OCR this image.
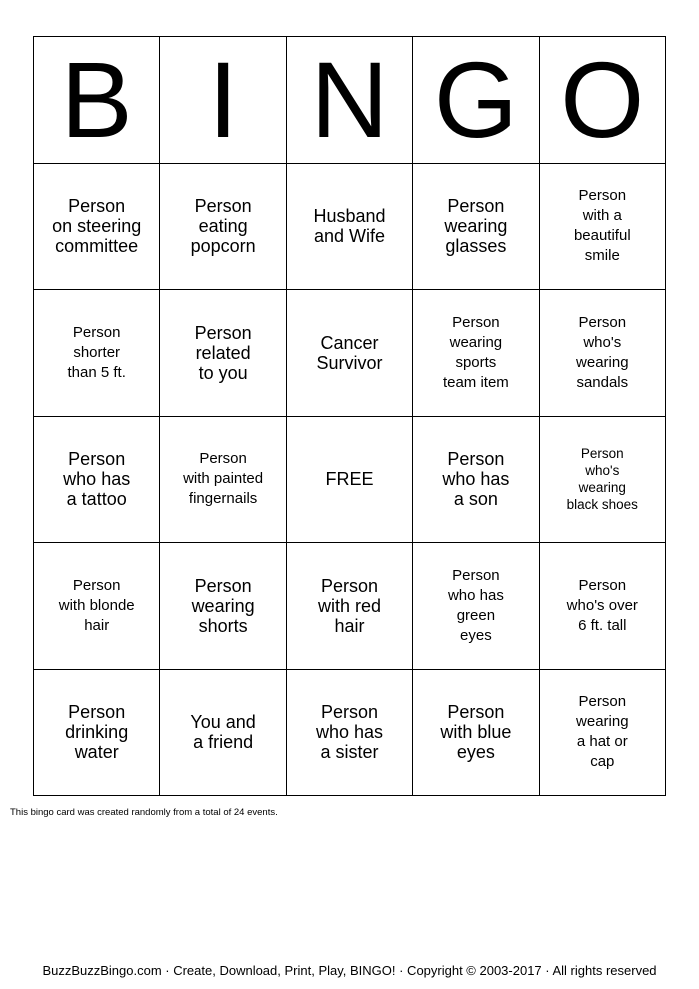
B I N G O
Person
on steering
committee
Person
eating
popcorn
Husband
and Wife
Person
wearing
glasses
Person
with a
beautiful
smile
Person
shorter
than 5 ft.
Person
related
to you
Cancer
Survivor
Person
wearing
sports
team item
Person
who's
wearing
sandals
Person
who has
a tattoo
Person
with painted
fingernails
FREE
Person
who has
a son
Person
who's
wearing
black shoes
Person
with blonde
hair
Person
wearing
shorts
Person
with red
hair
Person
who has
green
eyes
Person
who's over
6 ft. tall
Person
drinking
water
You and
a friend
Person
who has
a sister
Person
with blue
eyes
Person
wearing
a hat or
cap
This bingo card was created randomly from a total of 24 events.
BuzzBuzzBingo.com · Create, Download, Print, Play, BINGO! · Copyright © 2003-2017 · All rights reserved
